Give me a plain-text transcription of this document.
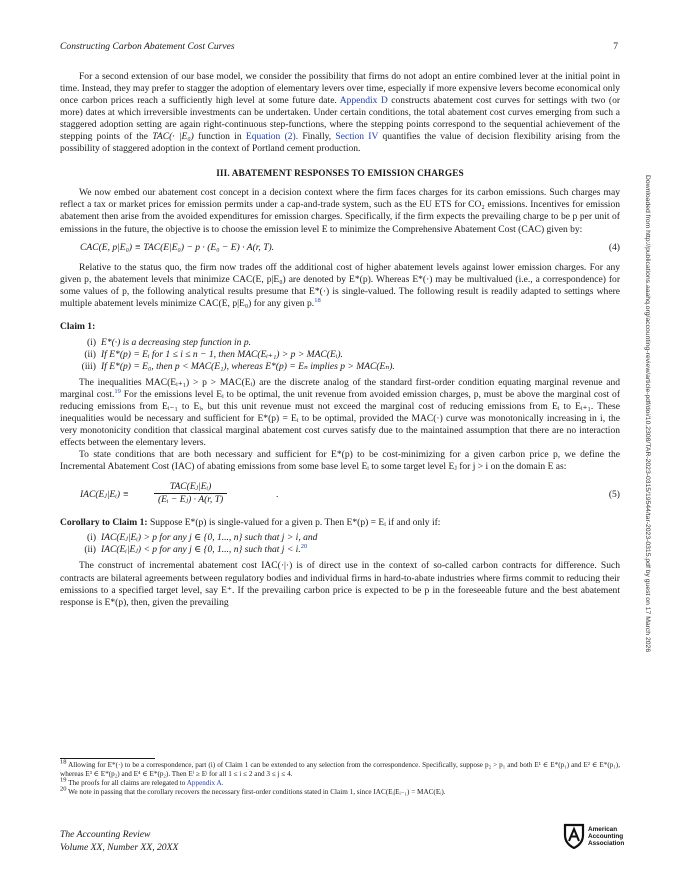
Constructing Carbon Abatement Cost Curves	7

For a second extension of our base model, we consider the possibility that firms do not adopt an entire combined lever at the initial point in time. Instead, they may prefer to stagger the adoption of elementary levers over time, especially if more expensive levers become economical only once carbon prices reach a sufficiently high level at some future date. Appendix D constructs abatement cost curves for settings with two (or more) dates at which irreversible investments can be undertaken. Under certain conditions, the total abatement cost curves emerging from such a staggered adoption setting are again right-continuous step-functions, where the stepping points correspond to the sequential achievement of the stepping points of the TAC(· |E₀) function in Equation (2). Finally, Section IV quantifies the value of decision flexibility arising from the possibility of staggered adoption in the context of Portland cement production.

III. ABATEMENT RESPONSES TO EMISSION CHARGES

We now embed our abatement cost concept in a decision context where the firm faces charges for its carbon emissions. Such charges may reflect a tax or market prices for emission permits under a cap-and-trade system, such as the EU ETS for CO₂ emissions. Incentives for emission abatement then arise from the avoided expenditures for emission charges. Specifically, if the firm expects the prevailing charge to be p per unit of emissions in the future, the objective is to choose the emission level E to minimize the Comprehensive Abatement Cost (CAC) given by:

CAC(E, p|E₀) ≡ TAC(E|E₀) − p · (E₀ − E) · A(r, T).	(4)

Relative to the status quo, the firm now trades off the additional cost of higher abatement levels against lower emission charges. For any given p, the abatement levels that minimize CAC(E, p|E₀) are denoted by E*(p). Whereas E*(·) may be multivalued (i.e., a correspondence) for some values of p, the following analytical results presume that E*(·) is single-valued. The following result is readily adapted to settings where multiple abatement levels minimize CAC(E, p|E₀) for any given p.$^{18}$

Claim 1:
(i) E*(·) is a decreasing step function in p.
(ii) If E*(p) = Eᵢ for 1 ≤ i ≤ n − 1, then MAC(Eᵢ₊₁) > p > MAC(Eᵢ).
(iii) If E*(p) = E₀, then p < MAC(E₁), whereas E*(p) = Eₙ implies p > MAC(Eₙ).

The inequalities MAC(Eᵢ₊₁) > p > MAC(Eᵢ) are the discrete analog of the standard first-order condition equating marginal revenue and marginal cost.$^{19}$ For the emissions level Eᵢ to be optimal, the unit revenue from avoided emission charges, p, must be above the marginal cost of reducing emissions from Eᵢ₋₁ to Eᵢ, but this unit revenue must not exceed the marginal cost of reducing emissions from Eᵢ to Eᵢ₊₁. These inequalities would be necessary and sufficient for E*(p) = Eᵢ to be optimal, provided the MAC(·) curve was monotonically increasing in i, the very monotonicity condition that classical marginal abatement cost curves satisfy due to the maintained assumption that there are no interaction effects between the elementary levers.

To state conditions that are both necessary and sufficient for E*(p) to be cost-minimizing for a given carbon price p, we define the Incremental Abatement Cost (IAC) of abating emissions from some base level Eᵢ to some target level Eⱼ for j > i on the domain E as:

IAC(Eⱼ|Eᵢ) ≡
TAC(Eⱼ|Eᵢ)
(Eᵢ − Eⱼ) · A(r, T)	.	(5)
Corollary to Claim 1: Suppose E*(p) is single-valued for a given p. Then E*(p) = Eᵢ if and only if:
(i) IAC(Eⱼ|Eᵢ) > p for any j ∈ {0, 1..., n} such that j > i, and
(ii) IAC(Eᵢ|Eⱼ) < p for any j ∈ {0, 1..., n} such that j < i.$^{20}$

The construct of incremental abatement cost IAC(·|·) is of direct use in the context of so-called carbon contracts for difference. Such contracts are bilateral agreements between regulatory bodies and individual firms in hard-to-abate industries where firms commit to reducing their emissions to a specified target level, say E⁺. If the prevailing carbon price is expected to be p in the foreseeable future and the best abatement response is E*(p), then, given the prevailing

$^{18}$ Allowing for E*(·) to be a correspondence, part (i) of Claim 1 can be extended to any selection from the correspondence. Specifically, suppose p₂ > p₁ and both E¹ ∈ E*(p₁) and E² ∈ E*(p₁), whereas E³ ∈ E*(p₂) and E⁴ ∈ E*(p₂). Then Eⁱ ≥ Eʲ for all 1 ≤ i ≤ 2 and 3 ≤ j ≤ 4.
$^{19}$ The proofs for all claims are relegated to Appendix A.
$^{20}$ We note in passing that the corollary recovers the necessary first-order conditions stated in Claim 1, since IAC(Eᵢ|Eᵢ₋₁) = MAC(Eᵢ).
Downloaded from http://publications.aaahq.org/accounting-review/article-pdf/doi/10.2308/TAR-2023-0315/19544/tar-2023-0315.pdf by guest on 17 March 2026
The Accounting Review
Volume XX, Number XX, 20XX
American
Accounting
Association
